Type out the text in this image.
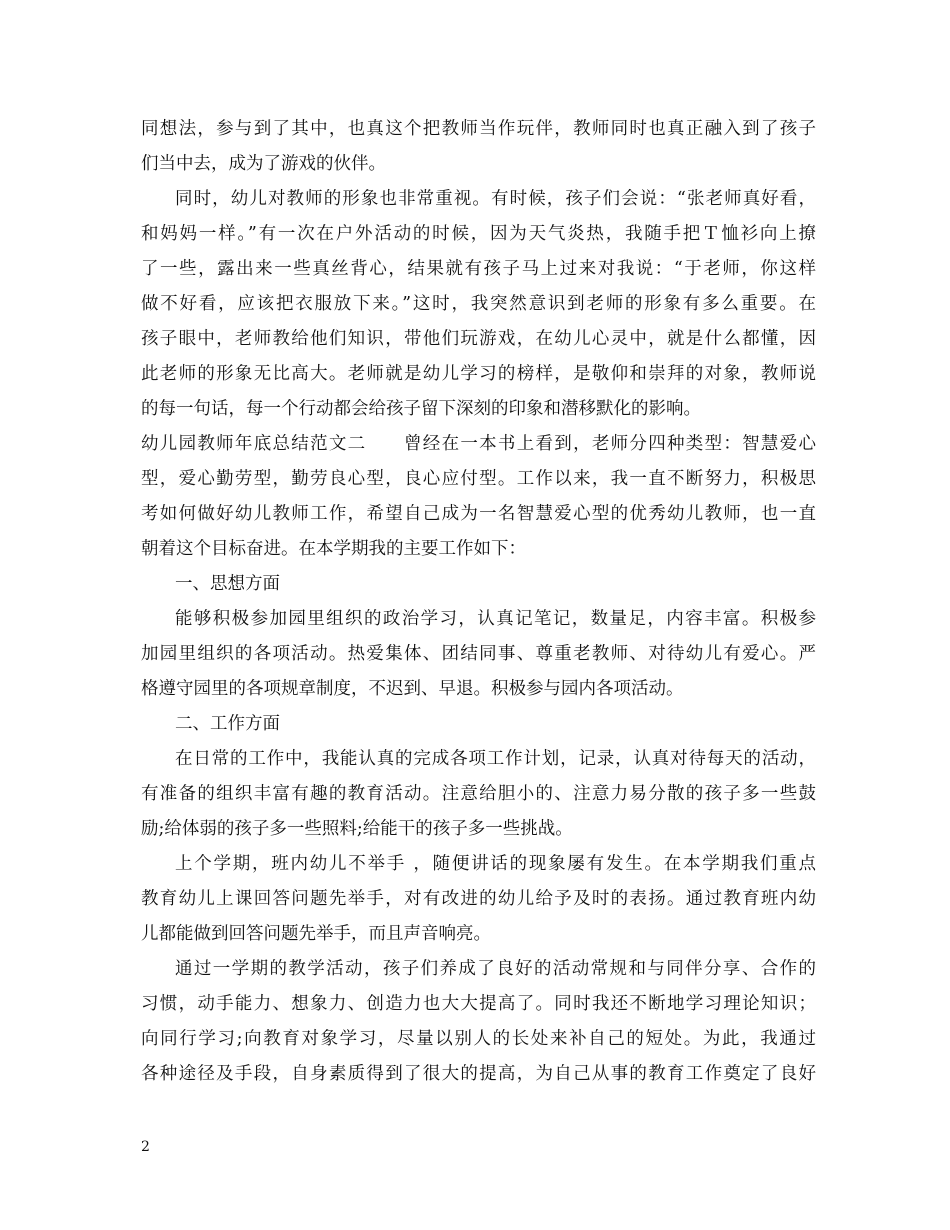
同想法，参与到了其中，也真这个把教师当作玩伴，教师同时也真正融入到了孩子
们当中去，成为了游戏的伙伴。
同时，幼儿对教师的形象也非常重视。有时候，孩子们会说：“张老师真好看，
和妈妈一样。”有一次在户外活动的时候，因为天气炎热，我随手把Ｔ恤衫向上撩
了一些，露出来一些真丝背心，结果就有孩子马上过来对我说：“于老师，你这样
做不好看，应该把衣服放下来。”这时，我突然意识到老师的形象有多么重要。在
孩子眼中，老师教给他们知识，带他们玩游戏，在幼儿心灵中，就是什么都懂，因
此老师的形象无比高大。老师就是幼儿学习的榜样，是敬仰和崇拜的对象，教师说
的每一句话，每一个行动都会给孩子留下深刻的印象和潜移默化的影响。
幼儿园教师年底总结范文二　　曾经在一本书上看到，老师分四种类型：智慧爱心
型，爱心勤劳型，勤劳良心型，良心应付型。工作以来，我一直不断努力，积极思
考如何做好幼儿教师工作，希望自己成为一名智慧爱心型的优秀幼儿教师，也一直
朝着这个目标奋进。在本学期我的主要工作如下：
一、思想方面
能够积极参加园里组织的政治学习，认真记笔记，数量足，内容丰富。积极参
加园里组织的各项活动。热爱集体、团结同事、尊重老教师、对待幼儿有爱心。严
格遵守园里的各项规章制度，不迟到、早退。积极参与园内各项活动。
二、工作方面
在日常的工作中，我能认真的完成各项工作计划，记录，认真对待每天的活动，
有准备的组织丰富有趣的教育活动。注意给胆小的、注意力易分散的孩子多一些鼓
励;给体弱的孩子多一些照料;给能干的孩子多一些挑战。
上个学期，班内幼儿不举手 ，随便讲话的现象屡有发生。在本学期我们重点
教育幼儿上课回答问题先举手，对有改进的幼儿给予及时的表扬。通过教育班内幼
儿都能做到回答问题先举手，而且声音响亮。
通过一学期的教学活动，孩子们养成了良好的活动常规和与同伴分享、合作的
习惯，动手能力、想象力、创造力也大大提高了。同时我还不断地学习理论知识；
向同行学习;向教育对象学习，尽量以别人的长处来补自己的短处。为此，我通过
各种途径及手段，自身素质得到了很大的提高，为自己从事的教育工作奠定了良好
2
